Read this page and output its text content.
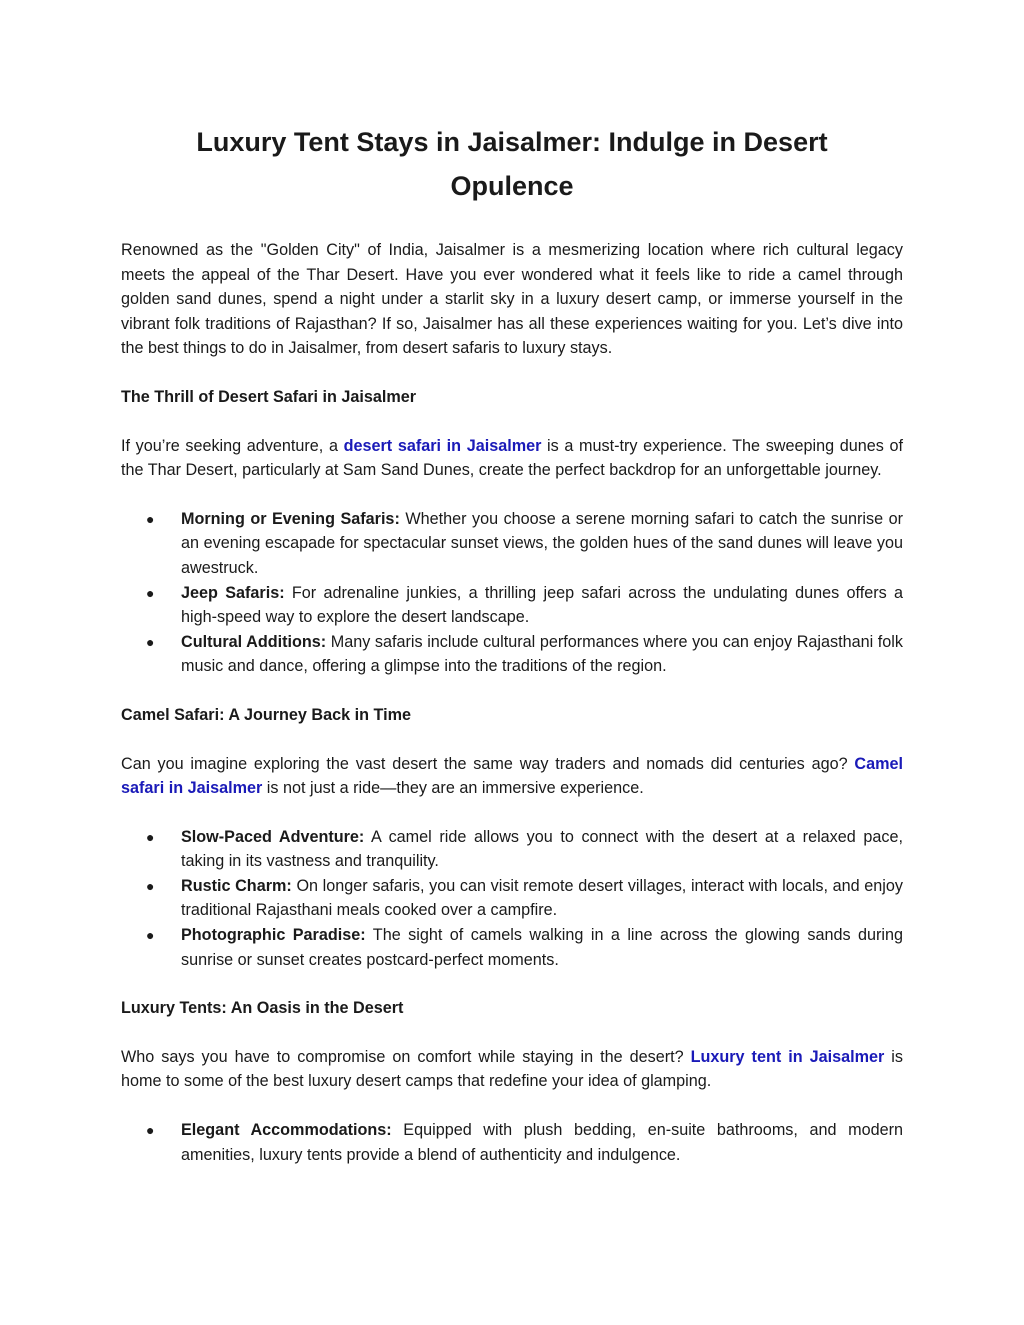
Luxury Tent Stays in Jaisalmer: Indulge in Desert Opulence

Renowned as the "Golden City" of India, Jaisalmer is a mesmerizing location where rich cultural legacy meets the appeal of the Thar Desert. Have you ever wondered what it feels like to ride a camel through golden sand dunes, spend a night under a starlit sky in a luxury desert camp, or immerse yourself in the vibrant folk traditions of Rajasthan? If so, Jaisalmer has all these experiences waiting for you. Let’s dive into the best things to do in Jaisalmer, from desert safaris to luxury stays.

The Thrill of Desert Safari in Jaisalmer

If you’re seeking adventure, a desert safari in Jaisalmer is a must-try experience. The sweeping dunes of the Thar Desert, particularly at Sam Sand Dunes, create the perfect backdrop for an unforgettable journey.

● Morning or Evening Safaris: Whether you choose a serene morning safari to catch the sunrise or an evening escapade for spectacular sunset views, the golden hues of the sand dunes will leave you awestruck.
● Jeep Safaris: For adrenaline junkies, a thrilling jeep safari across the undulating dunes offers a high-speed way to explore the desert landscape.
● Cultural Additions: Many safaris include cultural performances where you can enjoy Rajasthani folk music and dance, offering a glimpse into the traditions of the region.

Camel Safari: A Journey Back in Time

Can you imagine exploring the vast desert the same way traders and nomads did centuries ago? Camel safari in Jaisalmer is not just a ride—they are an immersive experience.

● Slow-Paced Adventure: A camel ride allows you to connect with the desert at a relaxed pace, taking in its vastness and tranquility.
● Rustic Charm: On longer safaris, you can visit remote desert villages, interact with locals, and enjoy traditional Rajasthani meals cooked over a campfire.
● Photographic Paradise: The sight of camels walking in a line across the glowing sands during sunrise or sunset creates postcard-perfect moments.

Luxury Tents: An Oasis in the Desert

Who says you have to compromise on comfort while staying in the desert? Luxury tent in Jaisalmer is home to some of the best luxury desert camps that redefine your idea of glamping.

● Elegant Accommodations: Equipped with plush bedding, en-suite bathrooms, and modern amenities, luxury tents provide a blend of authenticity and indulgence.
